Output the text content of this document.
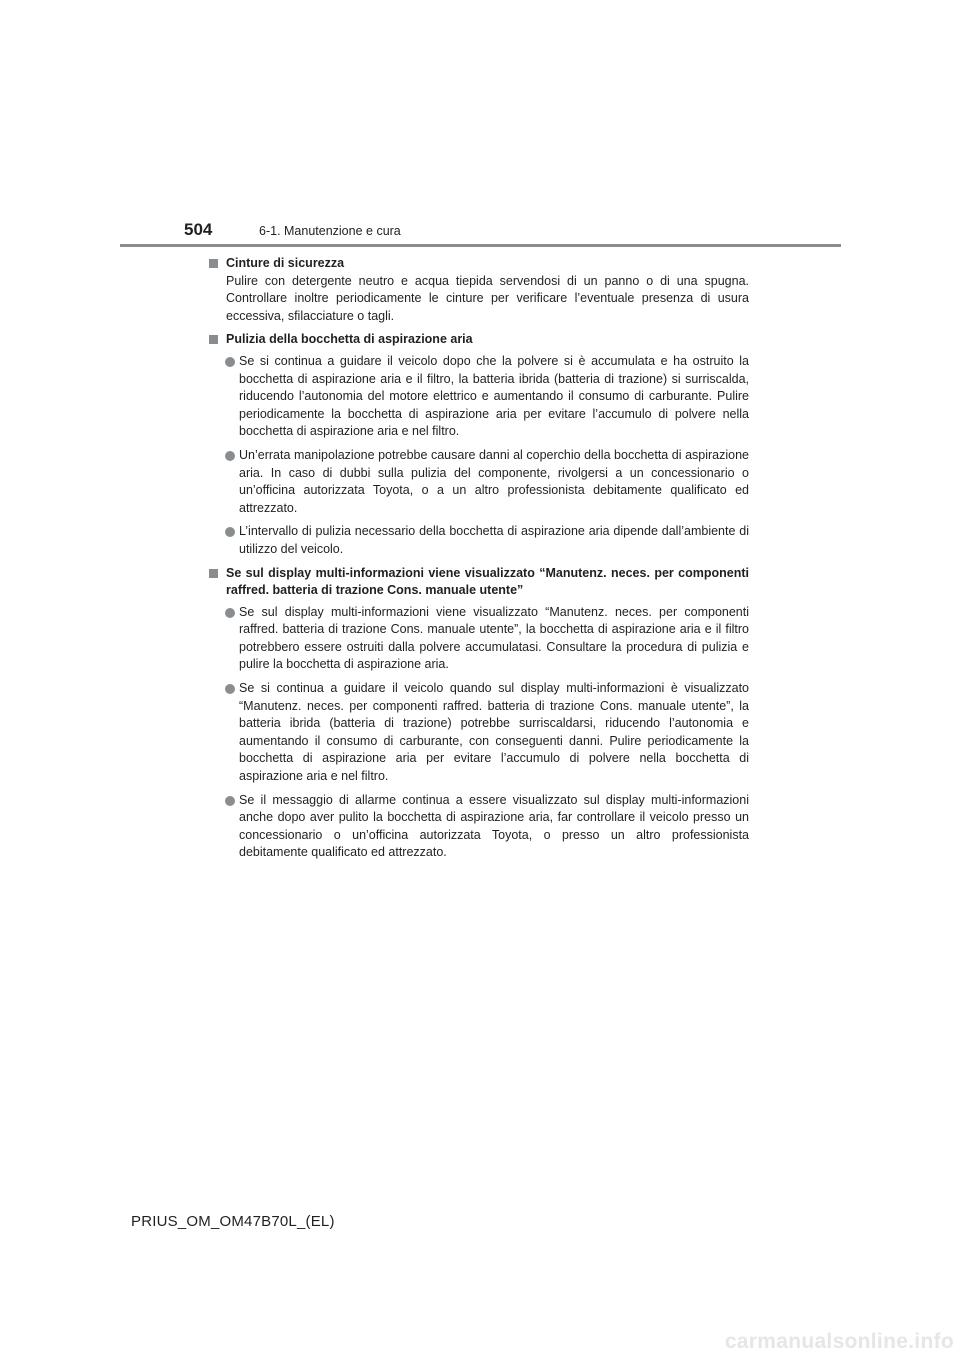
504	6-1. Manutenzione e cura
Cinture di sicurezza
Pulire con detergente neutro e acqua tiepida servendosi di un panno o di una spugna. Controllare inoltre periodicamente le cinture per verificare l’eventuale presenza di usura eccessiva, sfilacciature o tagli.
Pulizia della bocchetta di aspirazione aria
Se si continua a guidare il veicolo dopo che la polvere si è accumulata e ha ostruito la bocchetta di aspirazione aria e il filtro, la batteria ibrida (batteria di trazione) si surriscalda, riducendo l’autonomia del motore elettrico e aumentando il consumo di carburante. Pulire periodicamente la bocchetta di aspirazione aria per evitare l’accumulo di polvere nella bocchetta di aspirazione aria e nel filtro.
Un’errata manipolazione potrebbe causare danni al coperchio della bocchetta di aspirazione aria. In caso di dubbi sulla pulizia del componente, rivolgersi a un concessionario o un’officina autorizzata Toyota, o a un altro professionista debitamente qualificato ed attrezzato.
L’intervallo di pulizia necessario della bocchetta di aspirazione aria dipende dall’ambiente di utilizzo del veicolo.
Se sul display multi-informazioni viene visualizzato “Manutenz. neces. per componenti raffred. batteria di trazione Cons. manuale utente”
Se sul display multi-informazioni viene visualizzato “Manutenz. neces. per componenti raffred. batteria di trazione Cons. manuale utente”, la bocchetta di aspirazione aria e il filtro potrebbero essere ostruiti dalla polvere accumulatasi. Consultare la procedura di pulizia e pulire la bocchetta di aspirazione aria.
Se si continua a guidare il veicolo quando sul display multi-informazioni è visualizzato “Manutenz. neces. per componenti raffred. batteria di trazione Cons. manuale utente”, la batteria ibrida (batteria di trazione) potrebbe surriscaldarsi, riducendo l’autonomia e aumentando il consumo di carburante, con conseguenti danni. Pulire periodicamente la bocchetta di aspirazione aria per evitare l’accumulo di polvere nella bocchetta di aspirazione aria e nel filtro.
Se il messaggio di allarme continua a essere visualizzato sul display multi-informazioni anche dopo aver pulito la bocchetta di aspirazione aria, far controllare il veicolo presso un concessionario o un’officina autorizzata Toyota, o presso un altro professionista debitamente qualificato ed attrezzato.
PRIUS_OM_OM47B70L_(EL)
carmanualsonline.info
